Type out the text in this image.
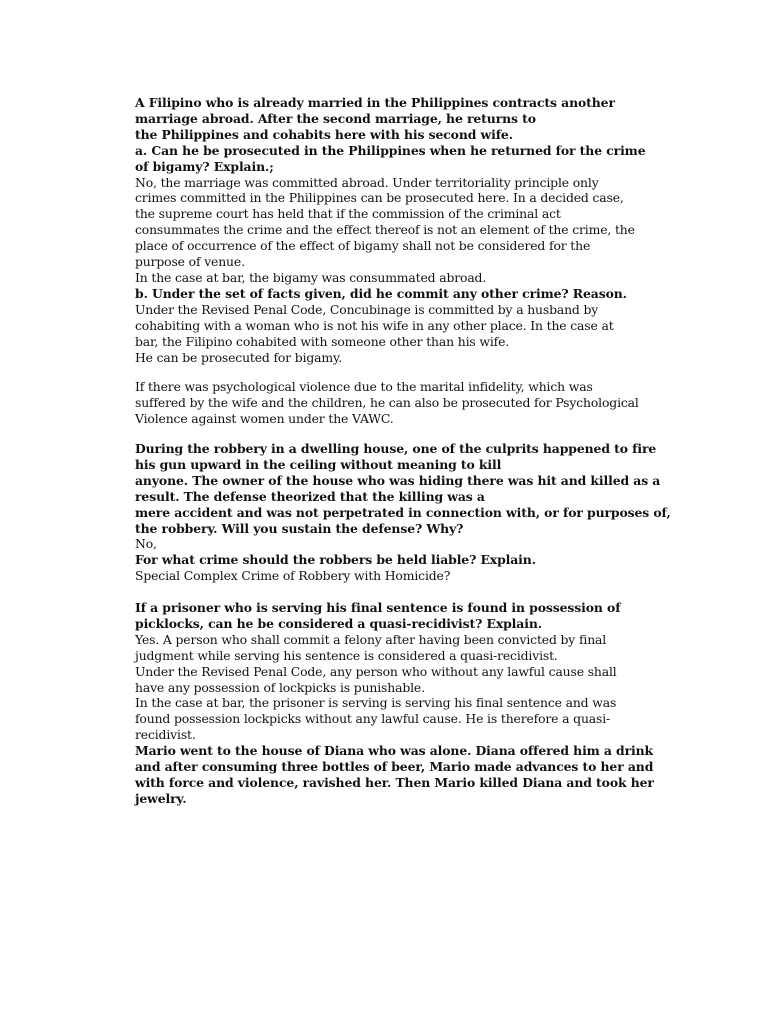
A Filipino who is already married in the Philippines contracts another
marriage abroad. After the second marriage, he returns to
the Philippines and cohabits here with his second wife.
a. Can he be prosecuted in the Philippines when he returned for the crime
of bigamy? Explain.;
No, the marriage was committed abroad. Under territoriality principle only
crimes committed in the Philippines can be prosecuted here. In a decided case,
the supreme court has held that if the commission of the criminal act
consummates the crime and the effect thereof is not an element of the crime, the
place of occurrence of the effect of bigamy shall not be considered for the
purpose of venue.
In the case at bar, the bigamy was consummated abroad.
b. Under the set of facts given, did he commit any other crime? Reason.
Under the Revised Penal Code, Concubinage is committed by a husband by
cohabiting with a woman who is not his wife in any other place. In the case at
bar, the Filipino cohabited with someone other than his wife.
He can be prosecuted for bigamy.
If there was psychological violence due to the marital infidelity, which was
suffered by the wife and the children, he can also be prosecuted for Psychological
Violence against women under the VAWC.
During the robbery in a dwelling house, one of the culprits happened to fire
his gun upward in the ceiling without meaning to kill
anyone. The owner of the house who was hiding there was hit and killed as a
result. The defense theorized that the killing was a
mere accident and was not perpetrated in connection with, or for purposes of,
the robbery. Will you sustain the defense? Why?
No,
For what crime should the robbers be held liable? Explain.
Special Complex Crime of Robbery with Homicide?
If a prisoner who is serving his final sentence is found in possession of
picklocks, can he be considered a quasi-recidivist? Explain.
Yes. A person who shall commit a felony after having been convicted by final
judgment while serving his sentence is considered a quasi-recidivist.
Under the Revised Penal Code, any person who without any lawful cause shall
have any possession of lockpicks is punishable.
In the case at bar, the prisoner is serving is serving his final sentence and was
found possession lockpicks without any lawful cause. He is therefore a quasi-
recidivist.
Mario went to the house of Diana who was alone. Diana offered him a drink
and after consuming three bottles of beer, Mario made advances to her and
with force and violence, ravished her. Then Mario killed Diana and took her
jewelry.
